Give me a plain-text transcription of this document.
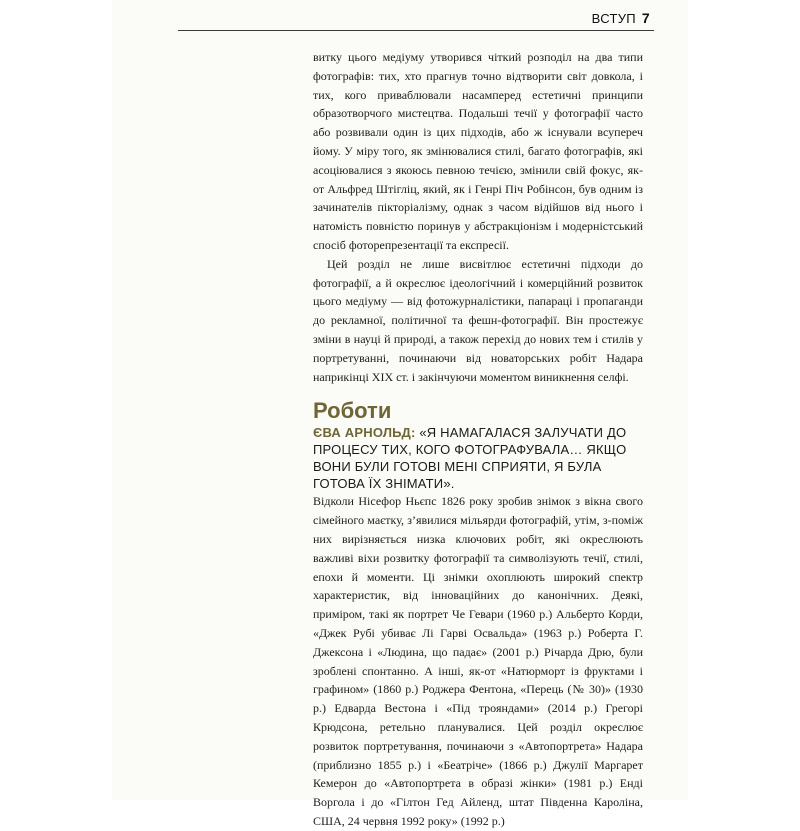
ВСТУП 7

витку цього медіуму утворився чіткий розподіл на два типи фотографів: тих, хто прагнув точно відтворити світ довкола, і тих, кого приваблювали насамперед естетичні принципи образотворчого мистецтва. Подальші течії у фотографії часто або розвивали один із цих підходів, або ж існували всупереч йому. У міру того, як змінювалися стилі, багато фотографів, які асоціювалися з якоюсь певною течією, змінили свій фокус, як-от Альфред Штігліц, який, як і Генрі Піч Робінсон, був одним із зачинателів пікторіалізму, однак з часом відійшов від нього і натомість повністю поринув у абстракціонізм і модерністський спосіб фоторепрезентації та експресії.

Цей розділ не лише висвітлює естетичні підходи до фотографії, а й окреслює ідеологічний і комерційний розвиток цього медіуму — від фотожурналістики, папараці і пропаганди до рекламної, політичної та фешн-фотографії. Він простежує зміни в науці й природі, а також перехід до нових тем і стилів у портретуванні, починаючи від новаторських робіт Надара наприкінці XIX ст. і закінчуючи моментом виникнення селфі.

Роботи

ЄВА АРНОЛЬД: «Я НАМАГАЛАСЯ ЗАЛУЧАТИ ДО ПРОЦЕСУ ТИХ, КОГО ФОТОГРАФУВАЛА… ЯКЩО ВОНИ БУЛИ ГОТОВІ МЕНІ СПРИЯТИ, Я БУЛА ГОТОВА ЇХ ЗНІМАТИ».

Відколи Нісефор Ньєпс 1826 року зробив знімок з вікна свого сімейного маєтку, з’явилися мільярди фотографій, утім, з-поміж них вирізняється низка ключових робіт, які окреслюють важливі віхи розвитку фотографії та символізують течії, стилі, епохи й моменти. Ці знімки охоплюють широкий спектр характеристик, від інноваційних до канонічних. Деякі, приміром, такі як портрет Че Гевари (1960 р.) Альберто Корди, «Джек Рубі убиває Лі Гарві Освальда» (1963 р.) Роберта Г. Джексона і «Людина, що падає» (2001 р.) Річарда Дрю, були зроблені спонтанно. А інші, як-от «Натюрморт із фруктами і графином» (1860 р.) Роджера Фентона, «Перець (№ 30)» (1930 р.) Едварда Вестона і «Під трояндами» (2014 р.) Грегорі Крюдсона, ретельно планувалися. Цей розділ окреслює розвиток портретування, починаючи з «Автопортрета» Надара (приблизно 1855 р.) і «Беатріче» (1866 р.) Джулії Маргарет Кемерон до «Автопортрета в образі жінки» (1981 р.) Енді Воргола і до «Гілтон Гед Айленд, штат Південна Кароліна, США, 24 червня 1992 року» (1992 р.)
